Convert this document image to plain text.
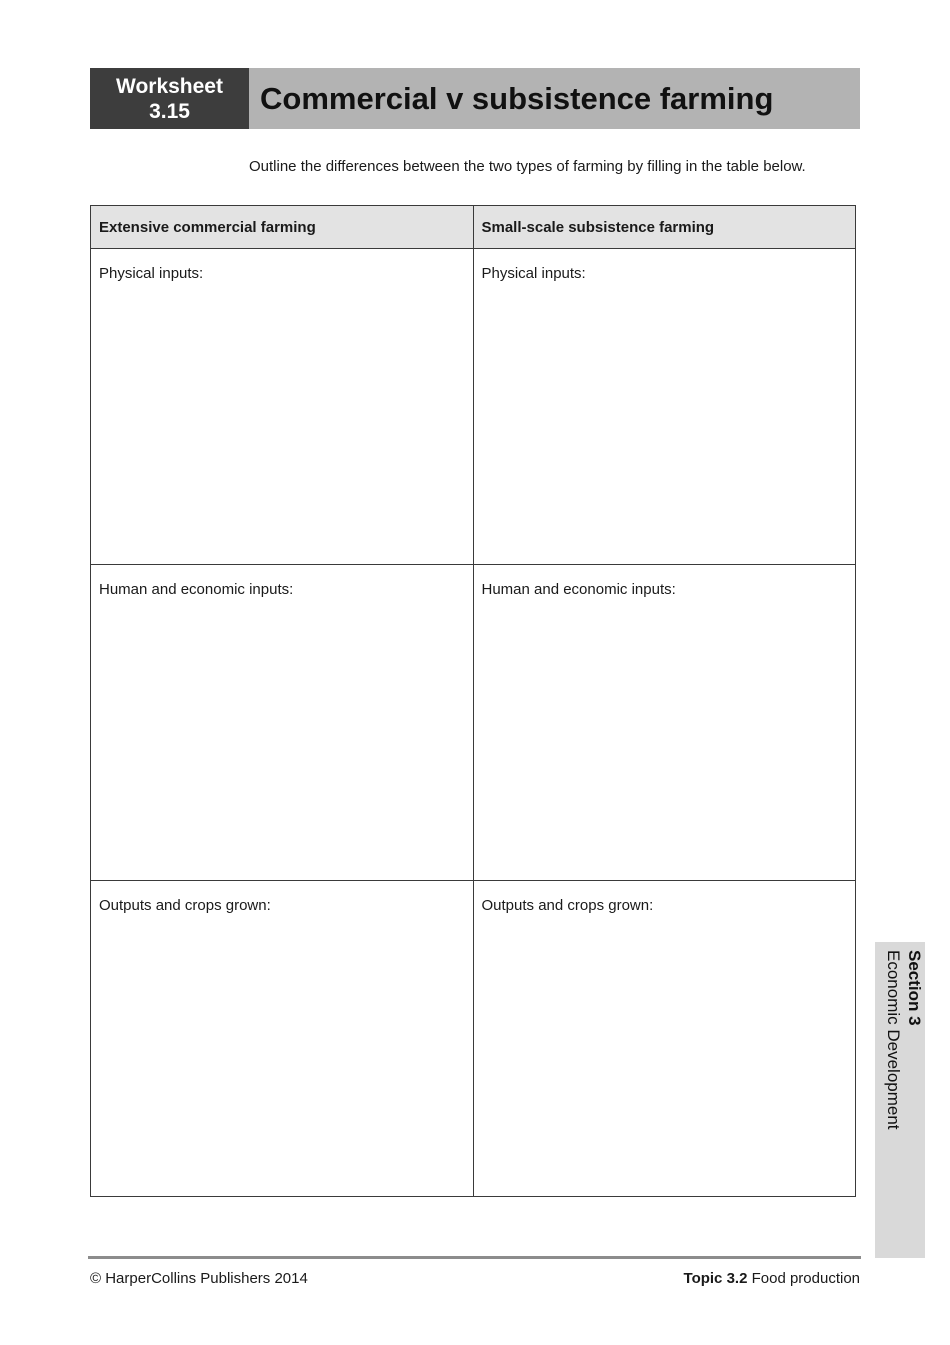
Worksheet
3.15	Commercial v subsistence farming
Outline the differences between the two types of farming by filling in the table below.
Extensive commercial farming	Small-scale subsistence farming
Physical inputs:	Physical inputs:
Human and economic inputs:	Human and economic inputs:
Outputs and crops grown:	Outputs and crops grown:
Section 3
Economic Development
© HarperCollins Publishers 2014	Topic 3.2 Food production
